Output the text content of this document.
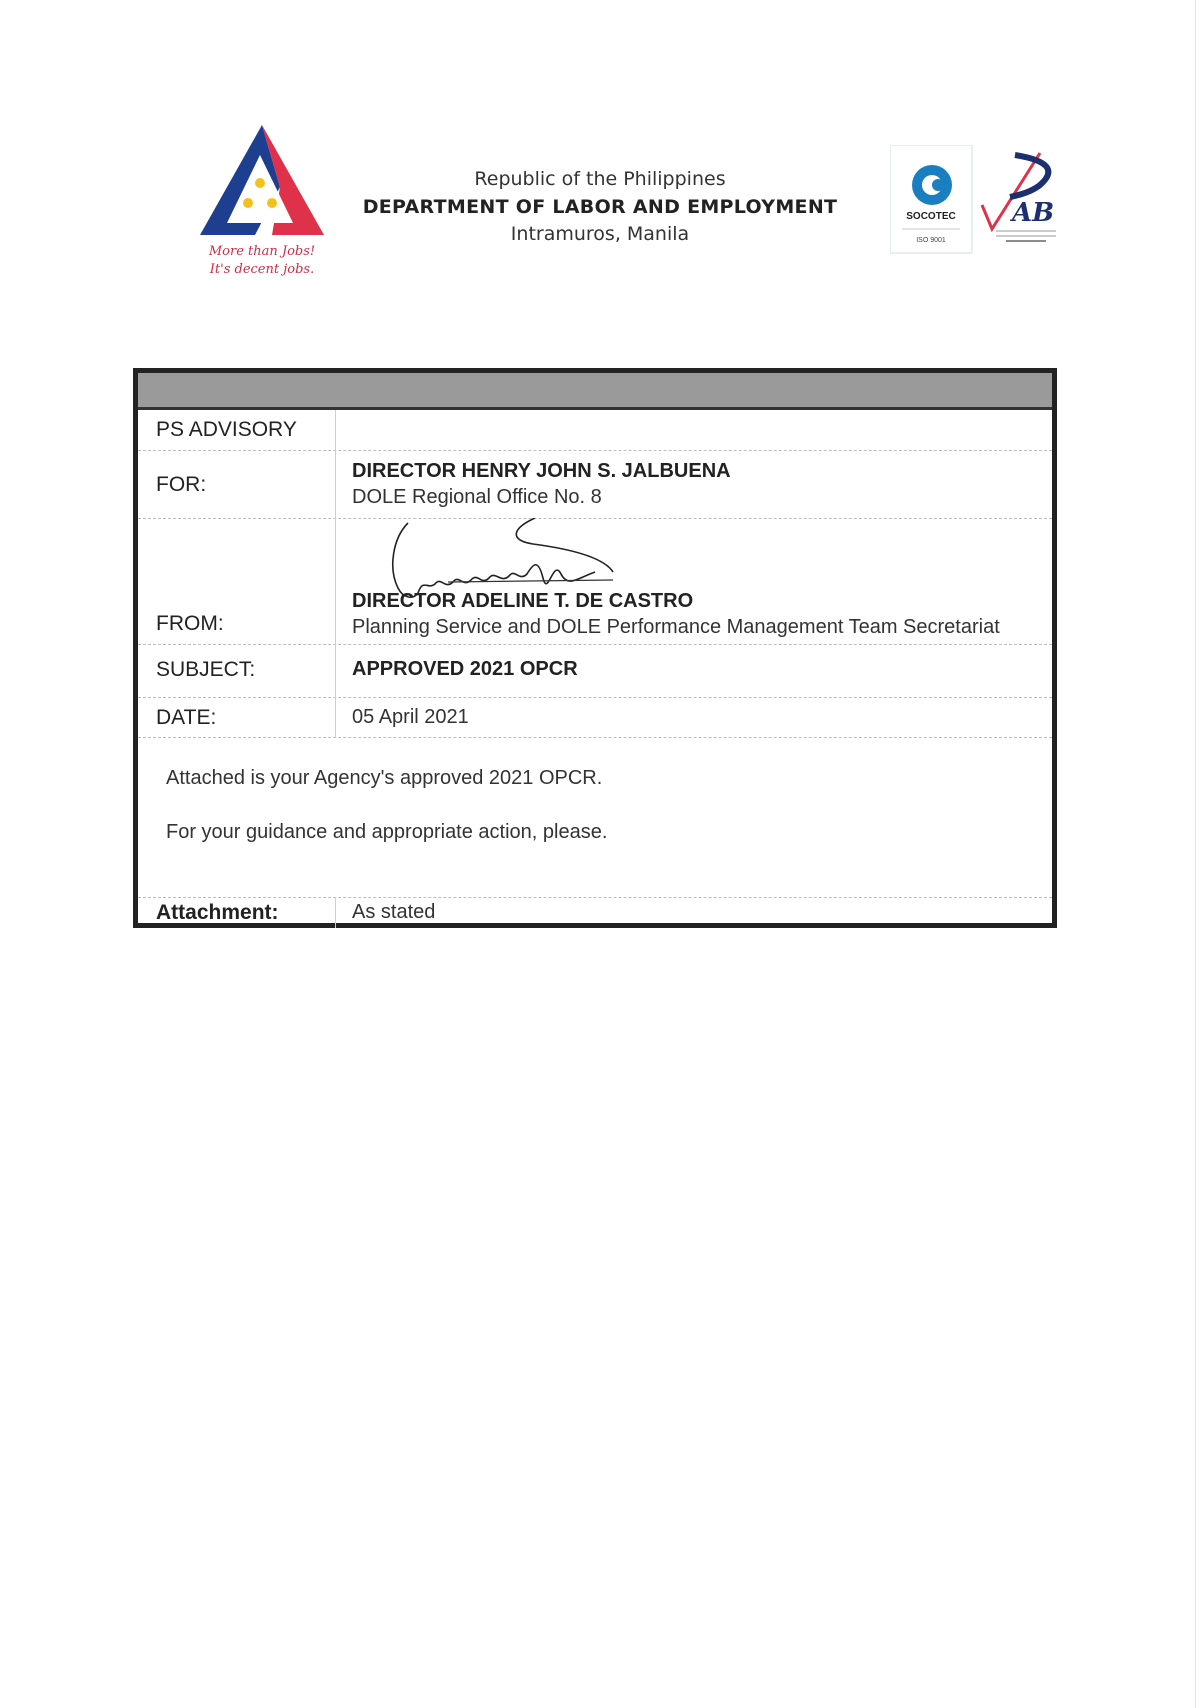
More than Jobs!
It's decent jobs.
Republic of the Philippines
DEPARTMENT OF LABOR AND EMPLOYMENT
Intramuros, Manila
SOCOTEC
ISO 9001
AB
PS ADVISORY
FOR:
DIRECTOR HENRY JOHN S. JALBUENA
DOLE Regional Office No. 8
FROM:
DIRECTOR ADELINE T. DE CASTRO
Planning Service and DOLE Performance Management Team Secretariat
SUBJECT:	APPROVED 2021 OPCR
DATE:	05 April 2021
Attached is your Agency's approved 2021 OPCR.
For your guidance and appropriate action, please.
Attachment:	As stated
